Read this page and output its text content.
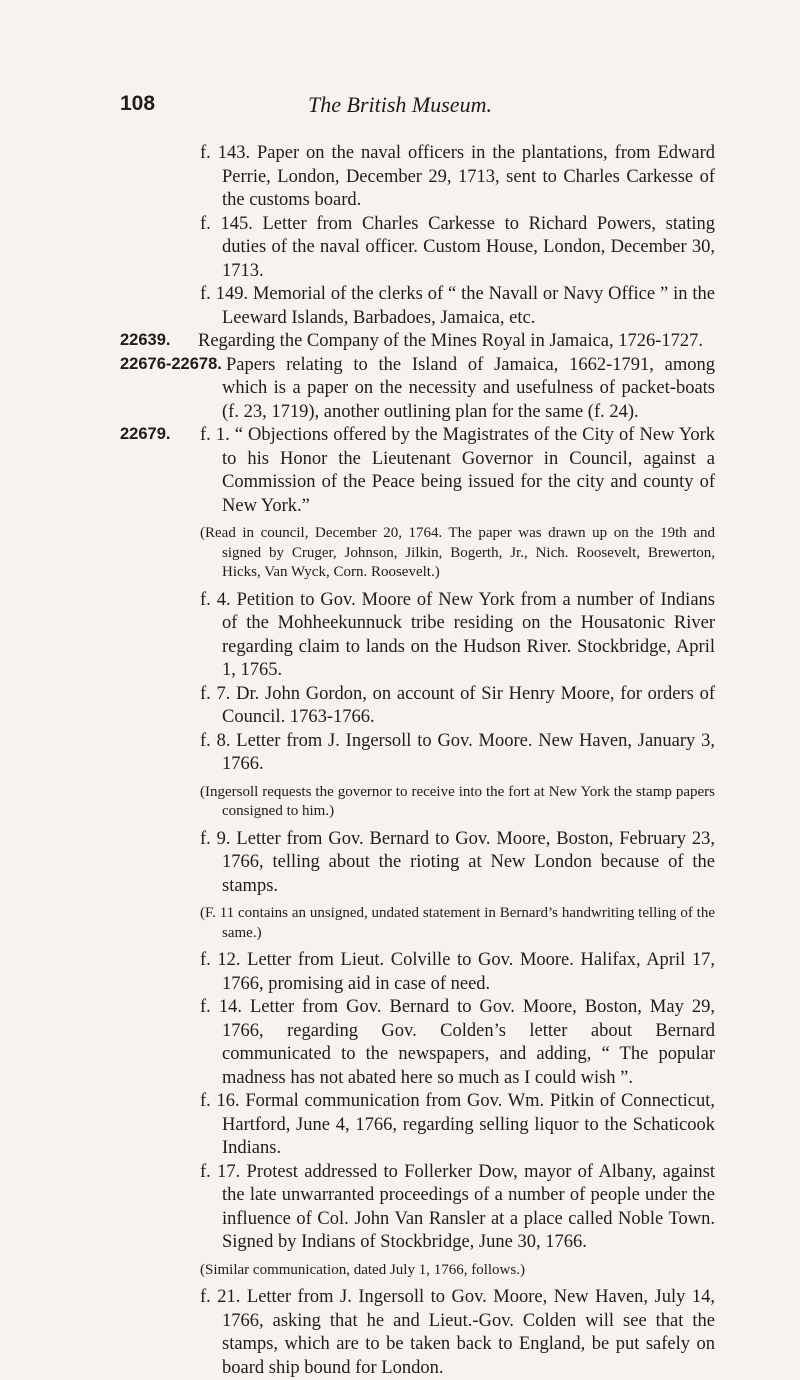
108	The British Museum.

f. 143. Paper on the naval officers in the plantations, from Edward Perrie, London, December 29, 1713, sent to Charles Carkesse of the customs board.

f. 145. Letter from Charles Carkesse to Richard Powers, stating duties of the naval officer. Custom House, London, December 30, 1713.

f. 149. Memorial of the clerks of “ the Navall or Navy Office ” in the Leeward Islands, Barbadoes, Jamaica, etc.

22639.	Regarding the Company of the Mines Royal in Jamaica, 1726-1727.

22676-22678. Papers relating to the Island of Jamaica, 1662-1791, among which is a paper on the necessity and usefulness of packet-boats (f. 23, 1719), another outlining plan for the same (f. 24).

22679.	f. 1. “ Objections offered by the Magistrates of the City of New York to his Honor the Lieutenant Governor in Council, against a Commission of the Peace being issued for the city and county of New York.”

(Read in council, December 20, 1764. The paper was drawn up on the 19th and signed by Cruger, Johnson, Jilkin, Bogerth, Jr., Nich. Roosevelt, Brewerton, Hicks, Van Wyck, Corn. Roosevelt.)

f. 4. Petition to Gov. Moore of New York from a number of Indians of the Mohheekunnuck tribe residing on the Housatonic River regarding claim to lands on the Hudson River. Stockbridge, April 1, 1765.

f. 7. Dr. John Gordon, on account of Sir Henry Moore, for orders of Council. 1763-1766.

f. 8. Letter from J. Ingersoll to Gov. Moore. New Haven, January 3, 1766.

(Ingersoll requests the governor to receive into the fort at New York the stamp papers consigned to him.)

f. 9. Letter from Gov. Bernard to Gov. Moore, Boston, February 23, 1766, telling about the rioting at New London because of the stamps.

(F. 11 contains an unsigned, undated statement in Bernard’s handwriting telling of the same.)

f. 12. Letter from Lieut. Colville to Gov. Moore. Halifax, April 17, 1766, promising aid in case of need.

f. 14. Letter from Gov. Bernard to Gov. Moore, Boston, May 29, 1766, regarding Gov. Colden’s letter about Bernard communicated to the newspapers, and adding, “ The popular madness has not abated here so much as I could wish ”.

f. 16. Formal communication from Gov. Wm. Pitkin of Connecticut, Hartford, June 4, 1766, regarding selling liquor to the Schaticook Indians.

f. 17. Protest addressed to Follerker Dow, mayor of Albany, against the late unwarranted proceedings of a number of people under the influence of Col. John Van Ransler at a place called Noble Town. Signed by Indians of Stockbridge, June 30, 1766.

(Similar communication, dated July 1, 1766, follows.)

f. 21. Letter from J. Ingersoll to Gov. Moore, New Haven, July 14, 1766, asking that he and Lieut.-Gov. Colden will see that the stamps, which are to be taken back to England, be put safely on board ship bound for London.
